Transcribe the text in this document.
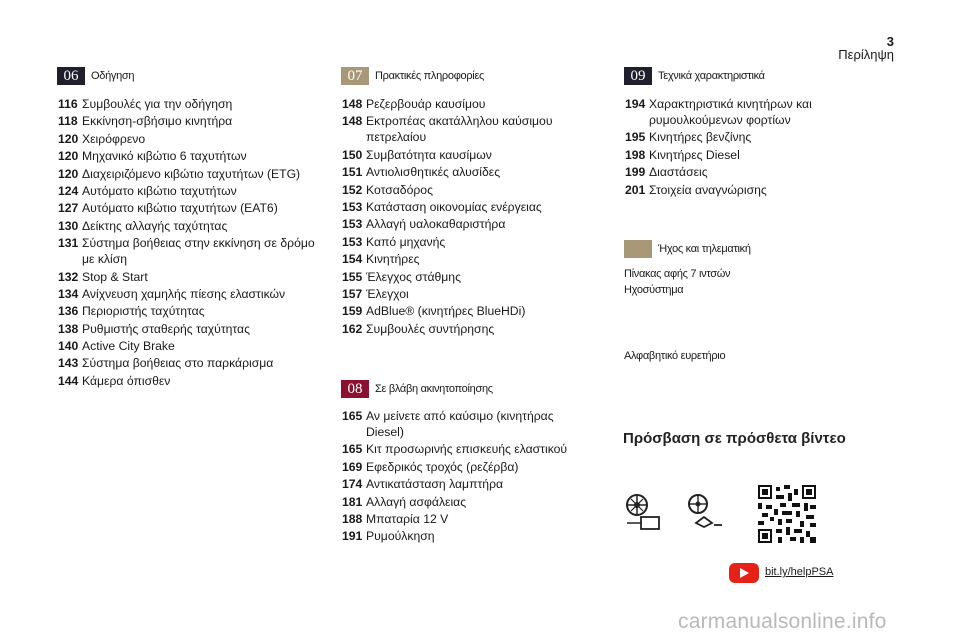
3
Περίληψη
06	Οδήγηση
116 Συμβουλές για την οδήγηση
118 Εκκίνηση-σβήσιμο κινητήρα
120 Χειρόφρενο
120 Μηχανικό κιβώτιο 6 ταχυτήτων
120 Διαχειριζόμενο κιβώτιο ταχυτήτων (ETG)
124 Αυτόματο κιβώτιο ταχυτήτων
127 Αυτόματο κιβώτιο ταχυτήτων (EAT6)
130 Δείκτης αλλαγής ταχύτητας
131 Σύστημα βοήθειας στην εκκίνηση σε δρόμο με κλίση
132 Stop & Start
134 Ανίχνευση χαμηλής πίεσης ελαστικών
136 Περιοριστής ταχύτητας
138 Ρυθμιστής σταθερής ταχύτητας
140 Active City Brake
143 Σύστημα βοήθειας στο παρκάρισμα
144 Κάμερα όπισθεν
07	Πρακτικές πληροφορίες
148 Ρεζερβουάρ καυσίμου
148 Εκτροπέας ακατάλληλου καύσιμου πετρελαίου
150 Συμβατότητα καυσίμων
151 Αντιολισθητικές αλυσίδες
152 Κοτσαδόρος
153 Κατάσταση οικονομίας ενέργειας
153 Αλλαγή υαλοκαθαριστήρα
153 Καπό μηχανής
154 Κινητήρες
155 Έλεγχος στάθμης
157 Έλεγχοι
159 AdBlue® (κινητήρες BlueHDi)
162 Συμβουλές συντήρησης
08	Σε βλάβη ακινητοποίησης
165 Αν μείνετε από καύσιμο (κινητήρας Diesel)
165 Κιτ προσωρινής επισκευής ελαστικού
169 Εφεδρικός τροχός (ρεζέρβα)
174 Αντικατάσταση λαμπτήρα
181 Αλλαγή ασφάλειας
188 Μπαταρία 12 V
191 Ρυμούλκηση
09	Τεχνικά χαρακτηριστικά
194 Χαρακτηριστικά κινητήρων και ρυμουλκούμενων φορτίων
195 Κινητήρες βενζίνης
198 Κινητήρες Diesel
199 Διαστάσεις
201 Στοιχεία αναγνώρισης
Ήχος και τηλεματική
Πίνακας αφής 7 ιντσών
Ηχοσύστημα
Αλφαβητικό ευρετήριο
Πρόσβαση σε πρόσθετα βίντεο
bit.ly/helpPSA
carmanualsonline.info
